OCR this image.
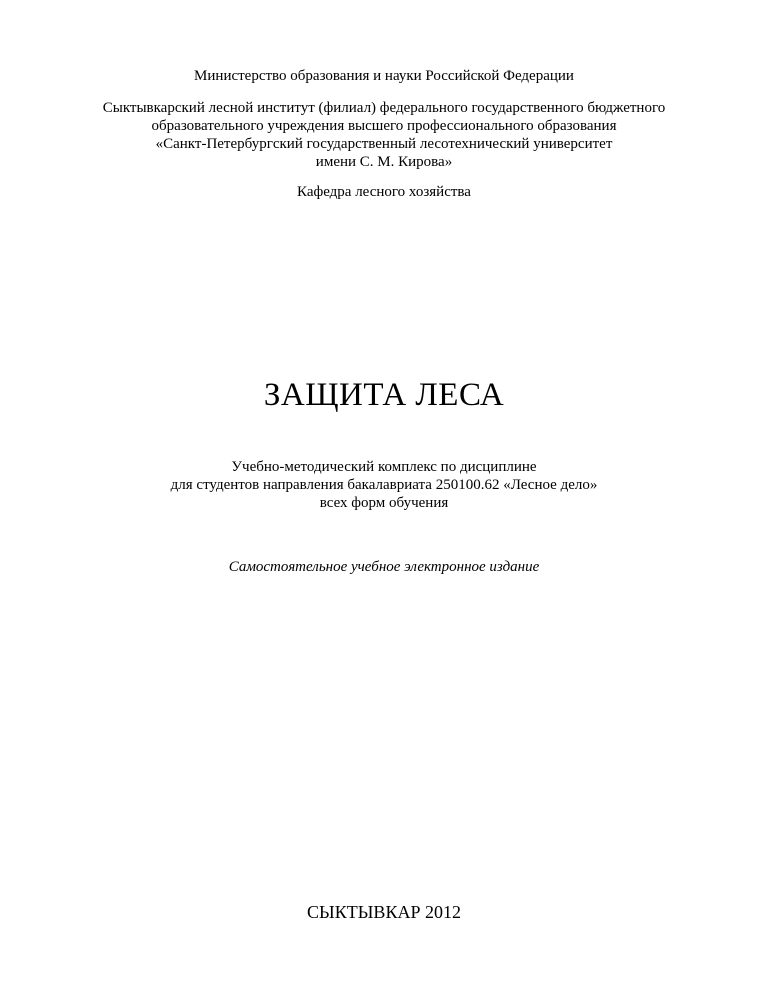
Министерство образования и науки Российской Федерации
Сыктывкарский лесной институт (филиал) федерального государственного бюджетного
образовательного учреждения высшего профессионального образования
«Санкт-Петербургский государственный лесотехнический университет
имени С. М. Кирова»
Кафедра лесного хозяйства
ЗАЩИТА ЛЕСА
Учебно-методический комплекс по дисциплине
для студентов направления бакалавриата 250100.62 «Лесное дело»
всех форм обучения
Самостоятельное учебное электронное издание
СЫКТЫВКАР 2012
